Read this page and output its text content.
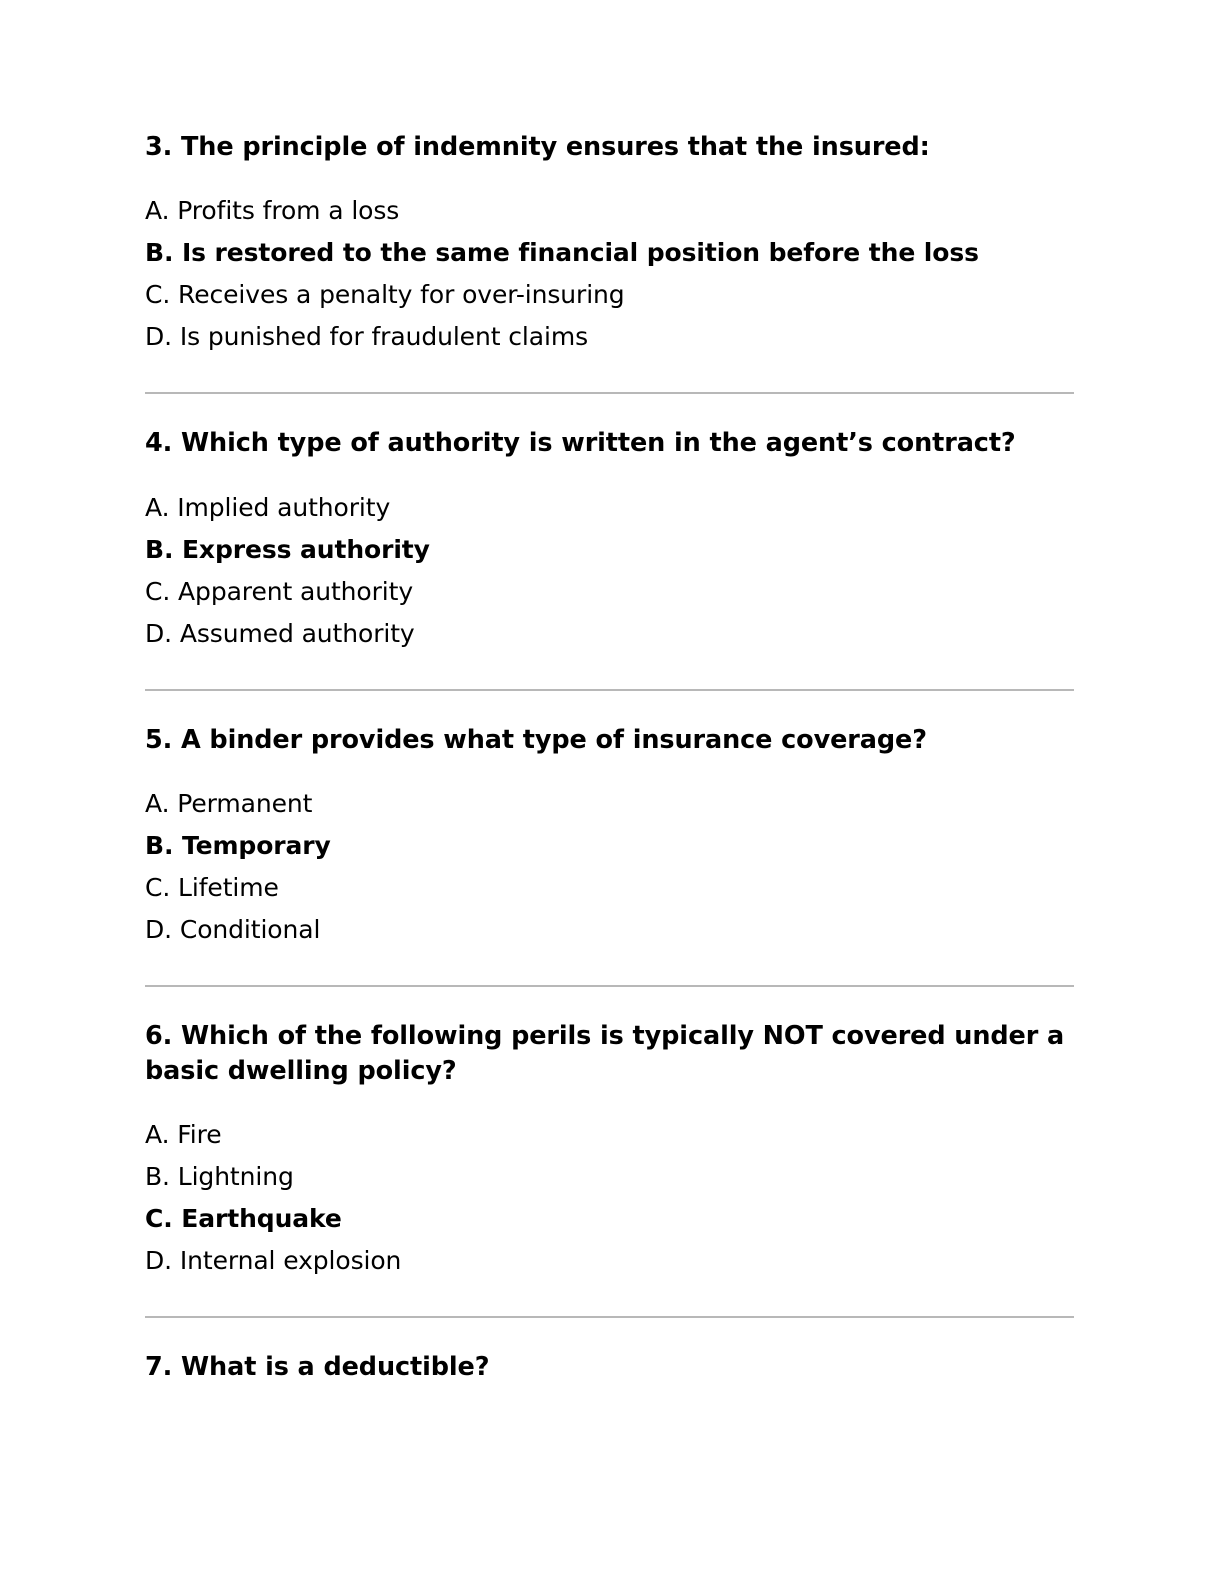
3. The principle of indemnity ensures that the insured:

A. Profits from a loss
B. Is restored to the same financial position before the loss
C. Receives a penalty for over-insuring
D. Is punished for fraudulent claims

4. Which type of authority is written in the agent’s contract?

A. Implied authority
B. Express authority
C. Apparent authority
D. Assumed authority

5. A binder provides what type of insurance coverage?

A. Permanent
B. Temporary
C. Lifetime
D. Conditional

6. Which of the following perils is typically NOT covered under a basic dwelling policy?

A. Fire
B. Lightning
C. Earthquake
D. Internal explosion

7. What is a deductible?
